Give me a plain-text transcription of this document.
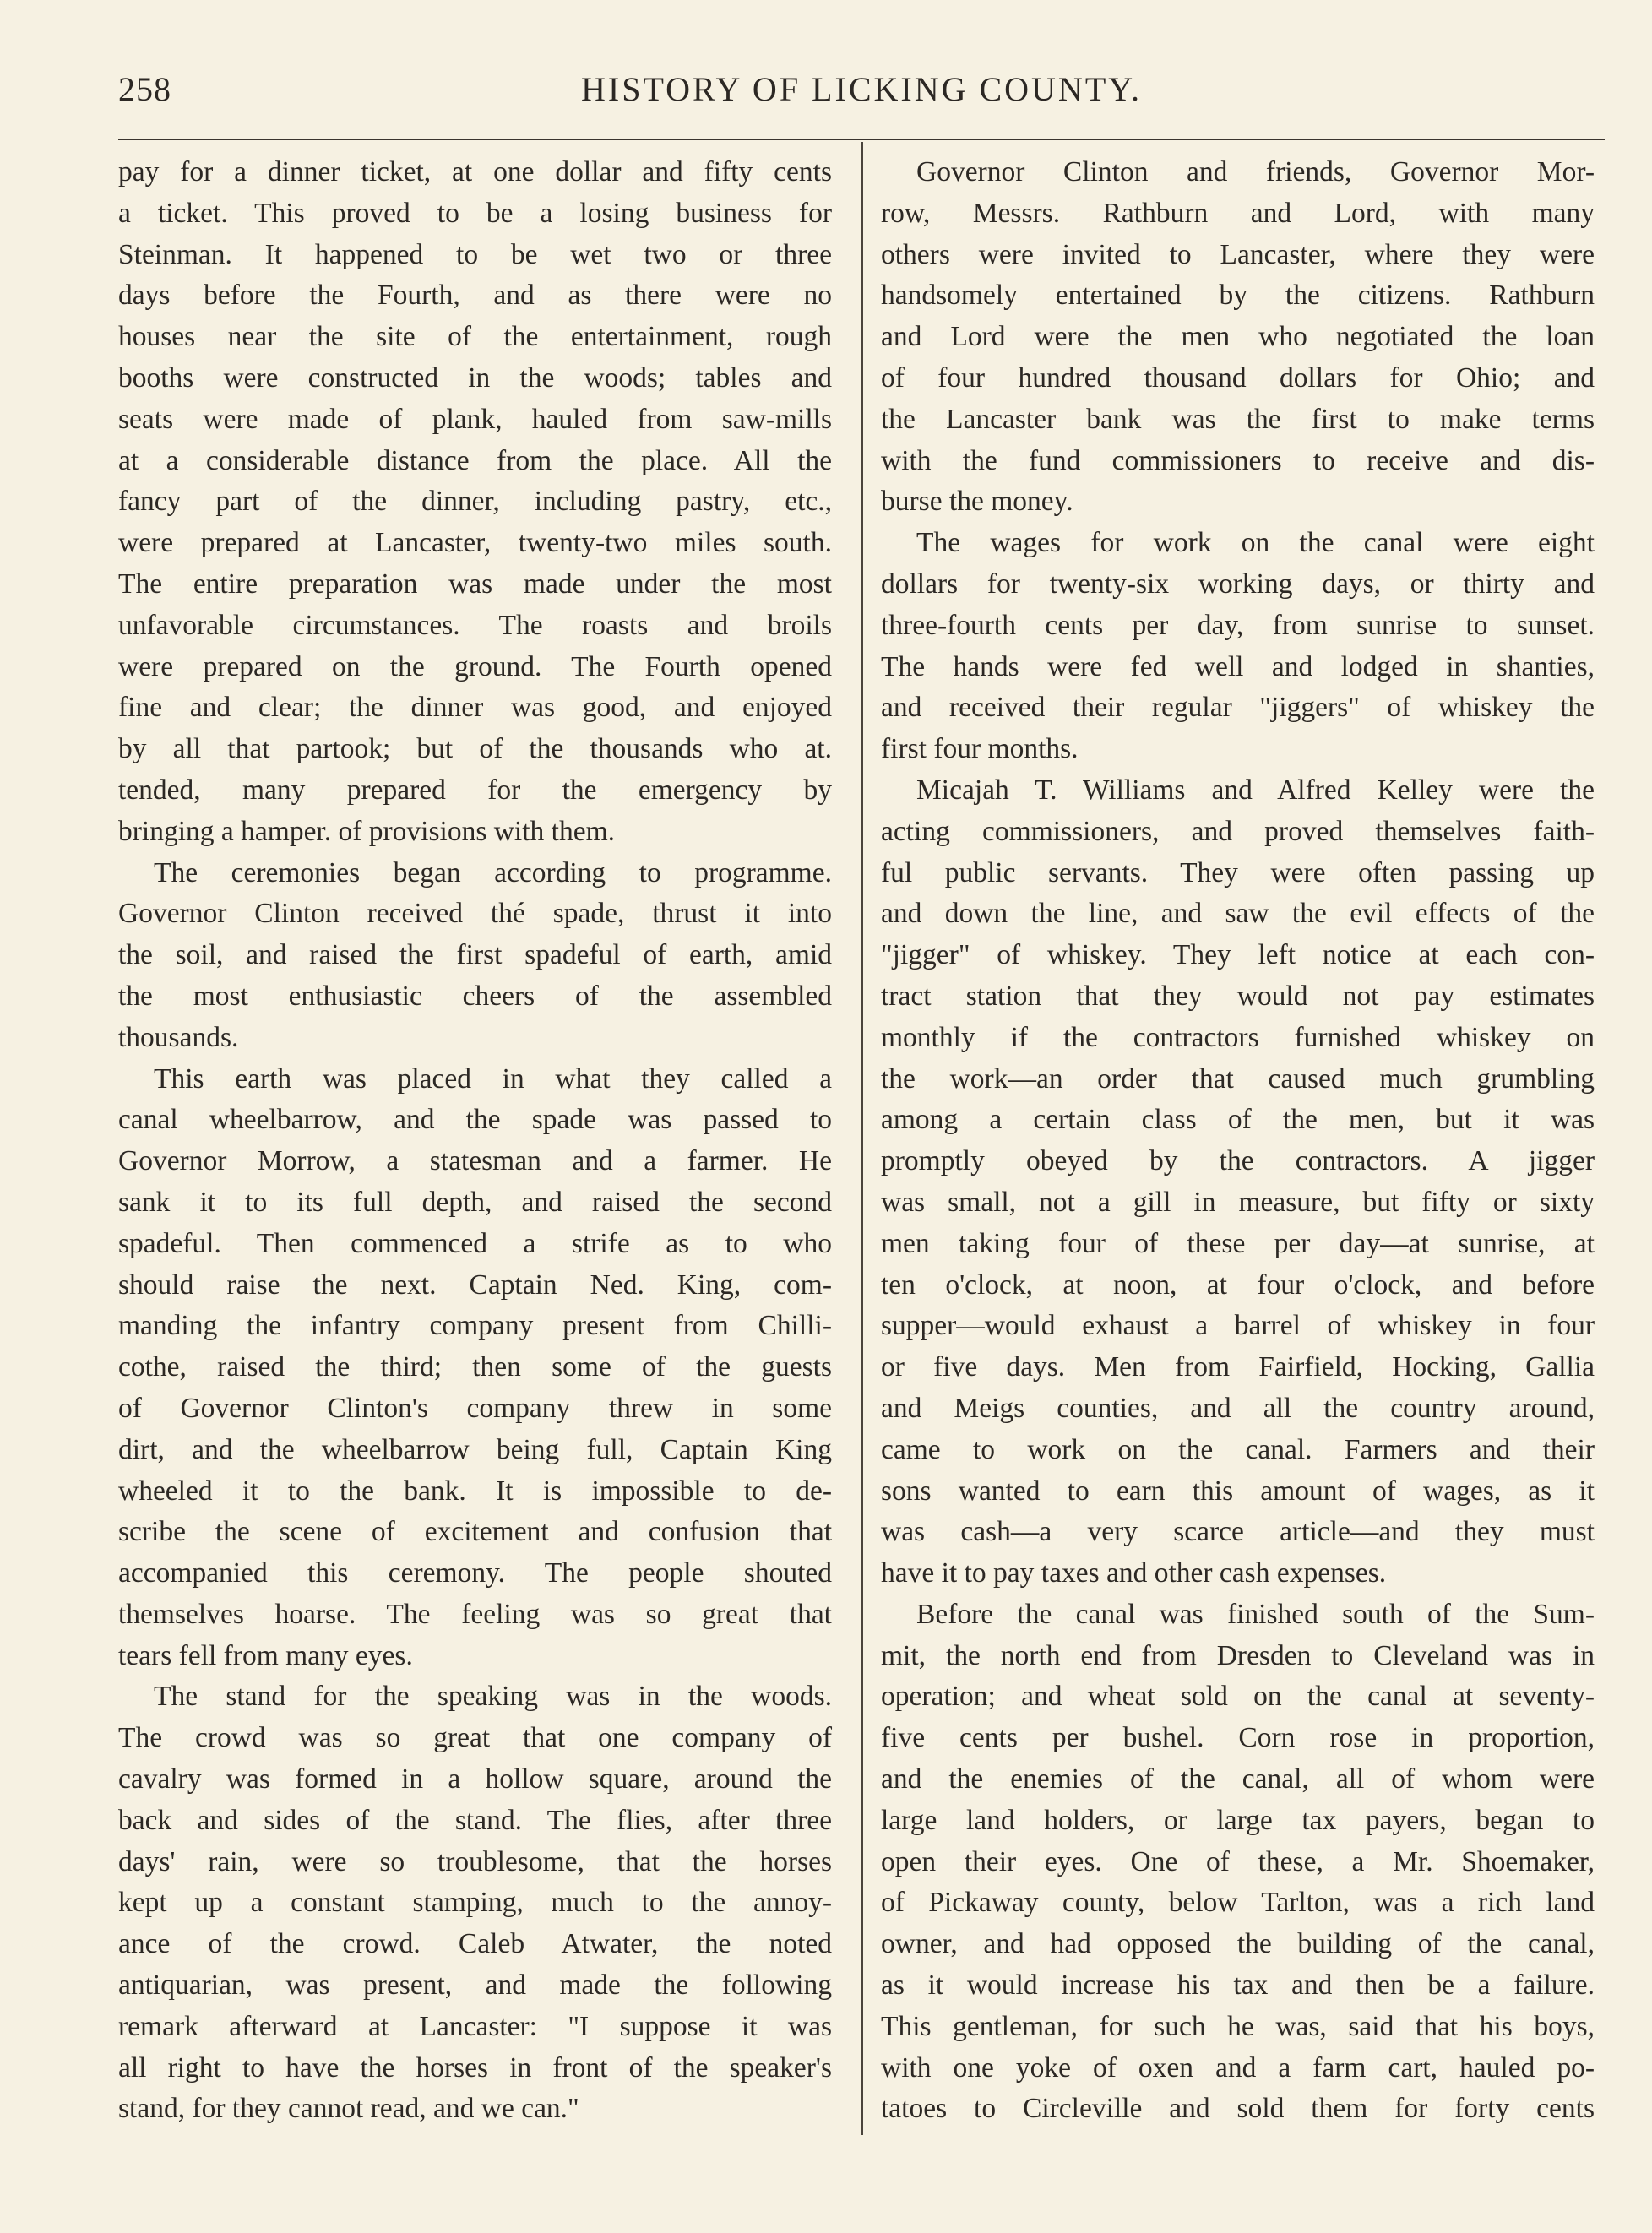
258	HISTORY OF LICKING COUNTY.
pay for a dinner ticket, at one dollar and fifty cents
a ticket. This proved to be a losing business for
Steinman. It happened to be wet two or three
days before the Fourth, and as there were no
houses near the site of the entertainment, rough
booths were constructed in the woods; tables and
seats were made of plank, hauled from saw-mills
at a considerable distance from the place. All the
fancy part of the dinner, including pastry, etc.,
were prepared at Lancaster, twenty-two miles south.
The entire preparation was made under the most
unfavorable circumstances. The roasts and broils
were prepared on the ground. The Fourth opened
fine and clear; the dinner was good, and enjoyed
by all that partook; but of the thousands who at.
tended, many prepared for the emergency by
bringing a hamper. of provisions with them.
The ceremonies began according to programme.
Governor Clinton received thé spade, thrust it into
the soil, and raised the first spadeful of earth, amid
the most enthusiastic cheers of the assembled
thousands.
This earth was placed in what they called a
canal wheelbarrow, and the spade was passed to
Governor Morrow, a statesman and a farmer. He
sank it to its full depth, and raised the second
spadeful. Then commenced a strife as to who
should raise the next. Captain Ned. King, com-
manding the infantry company present from Chilli-
cothe, raised the third; then some of the guests
of Governor Clinton's company threw in some
dirt, and the wheelbarrow being full, Captain King
wheeled it to the bank. It is impossible to de-
scribe the scene of excitement and confusion that
accompanied this ceremony. The people shouted
themselves hoarse. The feeling was so great that
tears fell from many eyes.
The stand for the speaking was in the woods.
The crowd was so great that one company of
cavalry was formed in a hollow square, around the
back and sides of the stand. The flies, after three
days' rain, were so troublesome, that the horses
kept up a constant stamping, much to the annoy-
ance of the crowd. Caleb Atwater, the noted
antiquarian, was present, and made the following
remark afterward at Lancaster: "I suppose it was
all right to have the horses in front of the speaker's
stand, for they cannot read, and we can."
Governor Clinton and friends, Governor Mor-
row, Messrs. Rathburn and Lord, with many
others were invited to Lancaster, where they were
handsomely entertained by the citizens. Rathburn
and Lord were the men who negotiated the loan
of four hundred thousand dollars for Ohio; and
the Lancaster bank was the first to make terms
with the fund commissioners to receive and dis-
burse the money.
The wages for work on the canal were eight
dollars for twenty-six working days, or thirty and
three-fourth cents per day, from sunrise to sunset.
The hands were fed well and lodged in shanties,
and received their regular "jiggers" of whiskey the
first four months.
Micajah T. Williams and Alfred Kelley were the
acting commissioners, and proved themselves faith-
ful public servants. They were often passing up
and down the line, and saw the evil effects of the
"jigger" of whiskey. They left notice at each con-
tract station that they would not pay estimates
monthly if the contractors furnished whiskey on
the work—an order that caused much grumbling
among a certain class of the men, but it was
promptly obeyed by the contractors. A jigger
was small, not a gill in measure, but fifty or sixty
men taking four of these per day—at sunrise, at
ten o'clock, at noon, at four o'clock, and before
supper—would exhaust a barrel of whiskey in four
or five days. Men from Fairfield, Hocking, Gallia
and Meigs counties, and all the country around,
came to work on the canal. Farmers and their
sons wanted to earn this amount of wages, as it
was cash—a very scarce article—and they must
have it to pay taxes and other cash expenses.
Before the canal was finished south of the Sum-
mit, the north end from Dresden to Cleveland was in
operation; and wheat sold on the canal at seventy-
five cents per bushel. Corn rose in proportion,
and the enemies of the canal, all of whom were
large land holders, or large tax payers, began to
open their eyes. One of these, a Mr. Shoemaker,
of Pickaway county, below Tarlton, was a rich land
owner, and had opposed the building of the canal,
as it would increase his tax and then be a failure.
This gentleman, for such he was, said that his boys,
with one yoke of oxen and a farm cart, hauled po-
tatoes to Circleville and sold them for forty cents
